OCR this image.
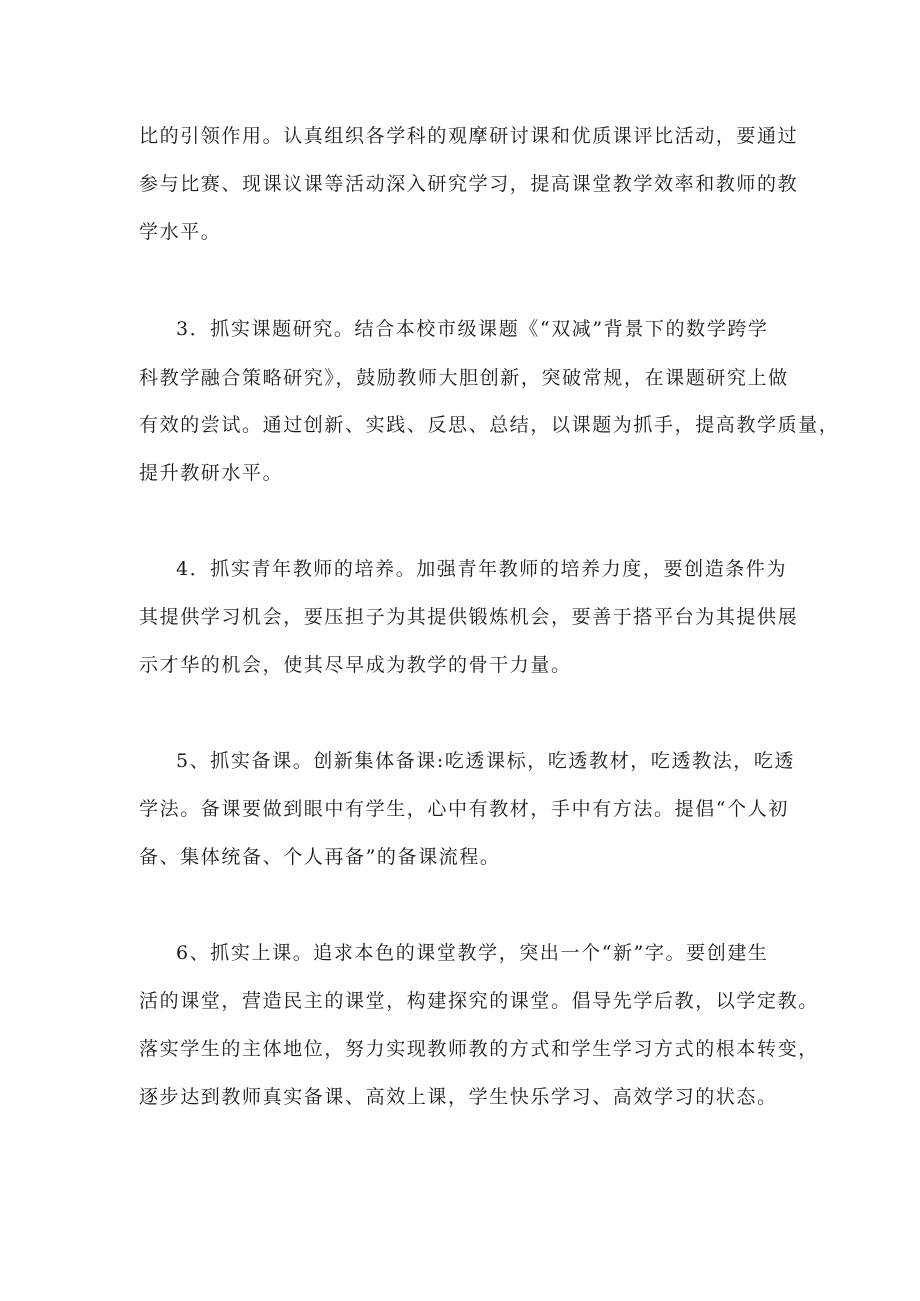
比的引领作用。认真组织各学科的观摩研讨课和优质课评比活动，要通过
参与比赛、现课议课等活动深入研究学习，提高课堂教学效率和教师的教
学水平。
3．抓实课题研究。结合本校市级课题《“双减”背景下的数学跨学
科教学融合策略研究》，鼓励教师大胆创新，突破常规，在课题研究上做
有效的尝试。通过创新、实践、反思、总结，以课题为抓手，提高教学质量，
提升教研水平。
4．抓实青年教师的培养。加强青年教师的培养力度，要创造条件为
其提供学习机会，要压担子为其提供锻炼机会，要善于搭平台为其提供展
示才华的机会，使其尽早成为教学的骨干力量。
5、抓实备课。创新集体备课:吃透课标，吃透教材，吃透教法，吃透
学法。备课要做到眼中有学生，心中有教材，手中有方法。提倡“个人初
备、集体统备、个人再备”的备课流程。
6、抓实上课。追求本色的课堂教学，突出一个“新”字。要创建生
活的课堂，营造民主的课堂，构建探究的课堂。倡导先学后教，以学定教。
落实学生的主体地位，努力实现教师教的方式和学生学习方式的根本转变，
逐步达到教师真实备课、高效上课，学生快乐学习、高效学习的状态。
